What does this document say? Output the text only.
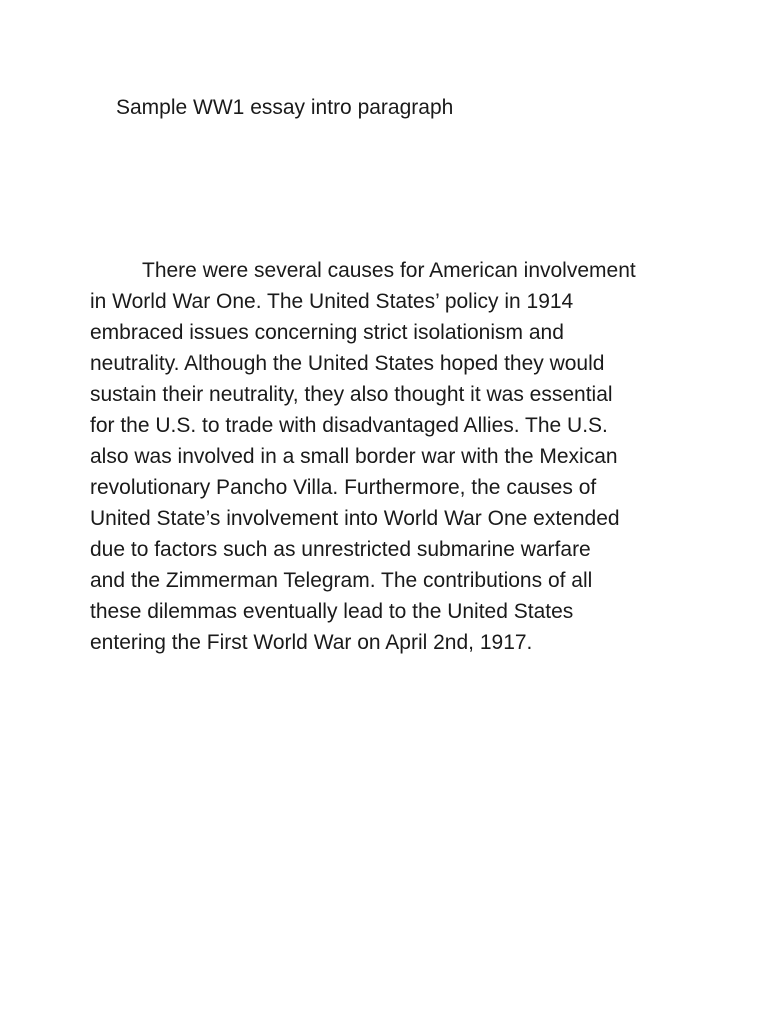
Sample WW1 essay intro paragraph

There were several causes for American involvement
in World War One. The United States’ policy in 1914
embraced issues concerning strict isolationism and
neutrality. Although the United States hoped they would
sustain their neutrality, they also thought it was essential
for the U.S. to trade with disadvantaged Allies. The U.S.
also was involved in a small border war with the Mexican
revolutionary Pancho Villa. Furthermore, the causes of
United State’s involvement into World War One extended
due to factors such as unrestricted submarine warfare
and the Zimmerman Telegram. The contributions of all
these dilemmas eventually lead to the United States
entering the First World War on April 2nd, 1917.
